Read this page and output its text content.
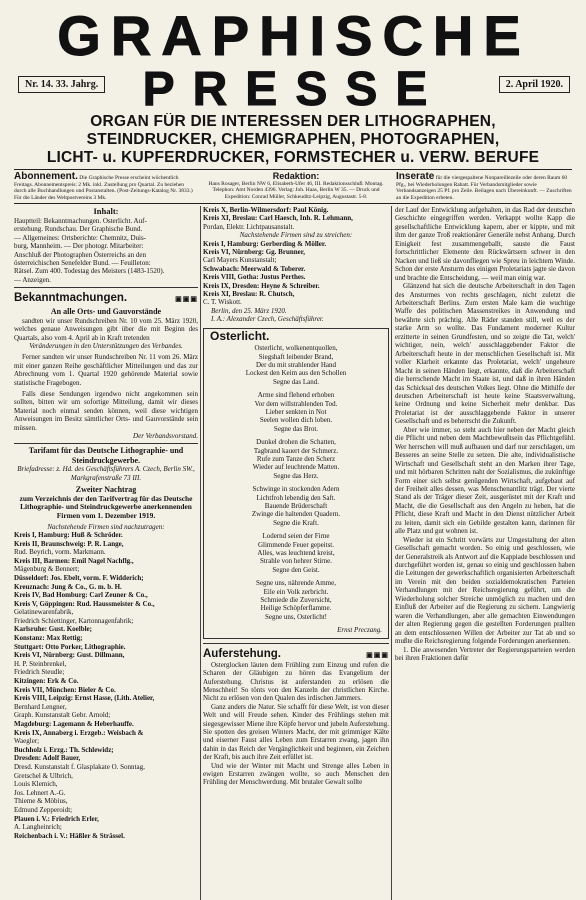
GRAPHISCHE
Nr. 14. 33. Jahrg. PRESSE	2. April 1920.
ORGAN FÜR DIE INTERESSEN DER LITHOGRAPHEN,
STEINDRUCKER, CHEMIGRAPHEN, PHOTOGRAPHEN,
LICHT- u. KUPFERDRUCKER, FORMSTECHER u. VERW. BERUFE
Abonnement. Die Graphische Presse erscheint wöchentlich Freitags. Abonnementspreis: 2 Mk. inkl. Zustellung pro Quartal. Zu beziehen durch alle Buchhandlungen und Postanstalten. (Post-Zeitungs-Katalog Nr. 3833.) Für die Länder des Weltpostvereins 3 Mk.
Redaktion:
Hans Rosager, Berlin NW 6, Elisabeth-Ufer 46, III. Redaktionsschluß: Montag. Telephon: Amt Norden 4396. Verlag: Joh. Haas, Berlin W 35. — Druck und Expedition: Conrad Müller, Schkeuditz-Leipzig, Augustastr. 5-8.
Inserate für die viergespaltene Nonpareillezeile oder deren Raum 60 Pfg., bei Wiederholungen Rabatt. Für Verbandsmitglieder sowie Verbandsanzeigen 25 Pf. pro Zeile. Beilagen nach Übereinkunft. — Zuschriften an die Expedition erbeten.
Inhalt:
Hauptteil: Bekanntmachungen. Osterlicht. Auf-
erstehung. Rundschau. Der Graphische Bund.
— Allgemeines: Ortsberichte: Chemnitz, Duis-
burg, Mannheim. — Der photogr. Mitarbeiter:
Anschluß der Photographen Österreichs an den
österreichischen Senefelder Bund. — Feuilleton:
Rätsel. Zum 400. Todestag des Meisters (1483-1520).
— Anzeigen.
Bekanntmachungen.	▣▣▣
An alle Orts- und Gauvorstände

sandten wir unser Rundschreiben Nr. 10 vom 25. März 1920, welches genaue Anweisungen gibt über die mit Beginn des Quartals, also vom 4. April ab in Kraft tretenden

Veränderungen in den Unterstützungen des Verbandes.

Ferner sandten wir unser Rundschreiben Nr. 11 vom 26. März mit einer ganzen Reihe geschäftlicher Mitteilungen und das zur Abrechnung vom 1. Quartal 1920 gehörende Material sowie statistische Fragebogen.

Falls diese Sendungen irgendwo nicht angekommen sein sollten, bitten wir um sofortige Mitteilung, damit wir dieses Material noch einmal senden können, weil diese wichtigen Anweisungen im Besitz sämtlicher Orts- und Gauvorstände sein müssen.

Der Verbandsvorstand.

Tarifamt für das Deutsche Lithographie- und Steindruckgewerbe.
Briefadresse: z. Hd. des Geschäftsführers A. Czech, Berlin SW., Markgrafenstraße 73 III.
Zweiter Nachtrag
zum Verzeichnis der den Tarifvertrag für das Deutsche Lithographie- und Steindruckgewerbe anerkennenden Firmen vom 1. Dezember 1919.
Nachstehende Firmen sind nachzutragen:
Kreis I, Hamburg: Huß & Schröder.
Kreis II, Braunschweig: P. R. Lange,
Rud. Beyrich, vorm. Markmann.
Kreis III, Barmen: Emil Nagel Nachflg.,
Mägenburg & Bennert;
Düsseldorf: Jos. Ebelt, vorm. F. Widderich;
Kreuznach: Jung & Co., G. m. b. H.
Kreis IV, Bad Homburg: Carl Zeuner & Co.,
Kreis V, Göppingen: Rud. Haussmeister & Co.,
Gelatinewarenfabrik,
Friedrich Schiettinger, Kartonnagenfabrik;
Karlsruhe: Gust. Koelble;
Konstanz: Max Rettig;
Stuttgart: Otto Porker, Lithographie.
Kreis VI, Nürnberg: Gust. Dillmann,
H. P. Steinbrenkel,
Friedrich Steudle;
Kitzingen: Erk & Co.
Kreis VII, München: Bieler & Co.
Kreis VIII, Leipzig: Ernst Hasse, (Lith. Atelier,
Bernhard Lengner,
Graph. Kunstanstalt Gebr. Arnold;
Magdeburg: Lagemann & Heberhauffe.
Kreis IX, Annaberg i. Erzgeb.: Weisbach &
Waegler;
Buchholz i. Erzg.: Th. Schlewidz;
Dresden: Adolf Bauer,
Dresd. Kunstanstalt f. Glasplakate O. Sonntag,
Gretschel & Ulbrich,
Louis Klemich,
Jos. Lehnert A.-G.
Thieme & Möbius,
Edmund Zepperoidt;
Plauen i. V.: Friedrich Erler,
A. Langheinrich;
Reichenbach i. V.: Häßler & Strässel.
Kreis X, Berlin-Wilmersdorf: Paul König.
Kreis XI, Breslau: Carl Haesch, Inh. R. Lehmann,
Pordan, Elektr. Lichtpausanstalt.
Nachstehende Firmen sind zu streichen:
Kreis I, Hamburg: Gerberding & Möller.
Kreis VI, Nürnberg: Gg. Brunner,
Carl Mayers Kunstanstalt;
Schwabach: Meerwald & Toberer.
Kreis VIII, Gotha: Justus Perthes.
Kreis IX, Dresden: Heyne & Schreiber.
Kreis XI, Breslau: R. Chutsch,
C. T. Wiskott.
Berlin, den 25. März 1920.
I. A.: Alexander Czech, Geschäftsführer.
Osterlicht.
Osterlicht, wolkenentquollen,
Siegshaft leibender Brand,
Der du mit strahlender Hand
Lockest den Keim aus den Schollen
Segne das Land.
Arme sind flehend erhoben
Vor dem willstrahlenden Tod.
Lieber senkten in Not
Seelen wollen dich loben.
Segne das Brot.
Dunkel drohen die Schatten,
Tagbrand kauert der Schmerz.
Rufe zum Tanze den Scherz
Wieder auf leuchtende Matten.
Segne das Herz.
Schwinge in stockenden Adern
Lichtfroh lebendig den Saft.
Bauende Brüderschaft
Zwinge die haltenden Quadern.
Segne die Kraft.
Lodernd seien der Firne
Glimmende Feuer gepeitst.
Alles, was leuchtend kreist,
Strahle von hehrer Stirne.
Segne den Geist.
Segne uns, nährende Amme,
Eile ein Volk zerbricht.
Schmiede die Zuversicht,
Heilige Schöpferflamme.
Segne uns, Osterlicht!
Ernst Preczang.
Auferstehung.	▣▣▣

Osterglocken läuten dem Frühling zum Einzug und rufen die Scharen der Gläubigen zu hören das Evangelium der Auferstehung. Christus ist auferstanden zu erlösen die Menschheit! So tönts von den Kanzeln der christlichen Kirche. Nicht zu erlösen von den Qualen des irdischen Jammers.

Ganz anders die Natur. Sie schafft für diese Welt, ist von dieser Welt und will Freude sehen. Kinder des Frühlings stehen mit siegesgewisser Miene ihre Köpfe hervor und jubeln Auferstehung. Sie spotten des greisen Winters Macht, der mit grimmiger Kälte und eiserner Faust alles Leben zum Erstarren zwang, jagen ihn dahin in das Reich der Vergänglichkeit und beginnen, ein Zeichen der Kraft, bis auch ihre Zeit erfüllet ist.

Und wie der Winter mit Macht und Strenge alles Leben in ewigen Erstarren zwängen wollte, so auch Menschen den Frühling der Menschwerdung. Mit brutaler Gewalt sollte

der Lauf der Entwicklung aufgehalten, in das Rad der deutschen Geschichte eingegriffen werden. Verkappt wollte Kapp die gesellschaftliche Entwicklung kapern, aber er kippte, und mit ihm der ganze Troß reaktionärer Generäle nebst Anhang. Durch Einigkeit fest zusammengeballt, sauste die Faust fortschrittlicher Elemente den Rückwärtsern schwer in den Nacken und ließ sie davonfliegen wie Spreu in leichtem Winde. Schon der erste Ansturm des einigen Proletariats jagte sie davon und brachte die Entscheidung, — weil man einig war.

Glänzend hat sich die deutsche Arbeiterschaft in den Tagen des Ansturmes von rechts geschlagen, nicht zuletzt die Arbeiterschaft Berlins. Zum ersten Male kam die wuchtige Waffe des politischen Massenstreikes in Anwendung und bewährte sich prächtig. Alle Räder standen still, weil es der starke Arm so wollte. Das Fundament moderner Kultur erzitterte in seinen Grundfesten, und so zeigte die Tat, welch' wichtiger, nein, welch' ausschlaggebender Faktor die Arbeiterschaft heute in der menschlichen Gesellschaft ist. Mit voller Klarheit erkannte das Proletariat, welch' ungeheure Macht in seinen Händen liegt, erkannte, daß die Arbeiterschaft die herrschende Macht im Staate ist, und daß in ihren Händen das Schicksal des deutschen Volkes liegt. Ohne die Mithilfe der deutschen Arbeiterschaft ist heute keine Staatsverwaltung, keine Ordnung und keine Sicherheit mehr denkbar. Das Proletariat ist der ausschlaggebende Faktor in unserer Gesellschaft und es beherrscht die Zukunft.

Aber wie immer, so steht auch hier neben der Macht gleich die Pflicht und neben dem Machtbewußtsein das Pflichtgefühl. Wer herrschen will muß aufbauen und darf nur zerschlagen, um Besseres an seine Stelle zu setzen. Die alte, individualistische Wirtschaft und Gesellschaft steht an den Marken ihrer Tage, und mit hörbaren Schritten naht der Sozialismus, die zukünftige Form einer sich selbst genügenden Wirtschaft, aufgebaut auf der Freiheit alles dessen, was Menschenantlitz trägt. Der vierte Stand als der Träger dieser Zeit, ausgerüstet mit der Kraft und Macht, die die Gesellschaft aus den Angeln zu heben, hat die Pflicht, diese Kraft und Macht in den Dienst nützlicher Arbeit zu leiten, damit sich ein Gebilde gestalten kann, darinnen für alle Platz und gut wohnen ist.

Wieder ist ein Schritt vorwärts zur Umgestaltung der alten Gesellschaft gemacht worden. So einig und geschlossen, wie der Generalstreik als Antwort auf die Kappiade beschlossen und durchgeführt worden ist, genau so einig und geschlossen haben die Leitungen der gewerkschaftlich organisierten Arbeiterschaft im Verein mit den beiden sozialdemokratischen Parteien Verhandlungen mit der Reichsregierung geführt, um die Wiederholung solcher Streiche unmöglich zu machen und den Einfluß der Arbeiter auf die Regierung zu sichern. Langwierig waren die Verhandlungen, aber alle gemachten Einwendungen der alten Regierung gegen die gestellten Forderungen prallten an dem entschlossenen Willen der Arbeiter zur Tat ab und so mußte die Reichsregierung folgende Forderungen anerkennen.

1. Die anwesenden Vertreter der Regierungsparteien werden bei ihren Fraktionen dafür
